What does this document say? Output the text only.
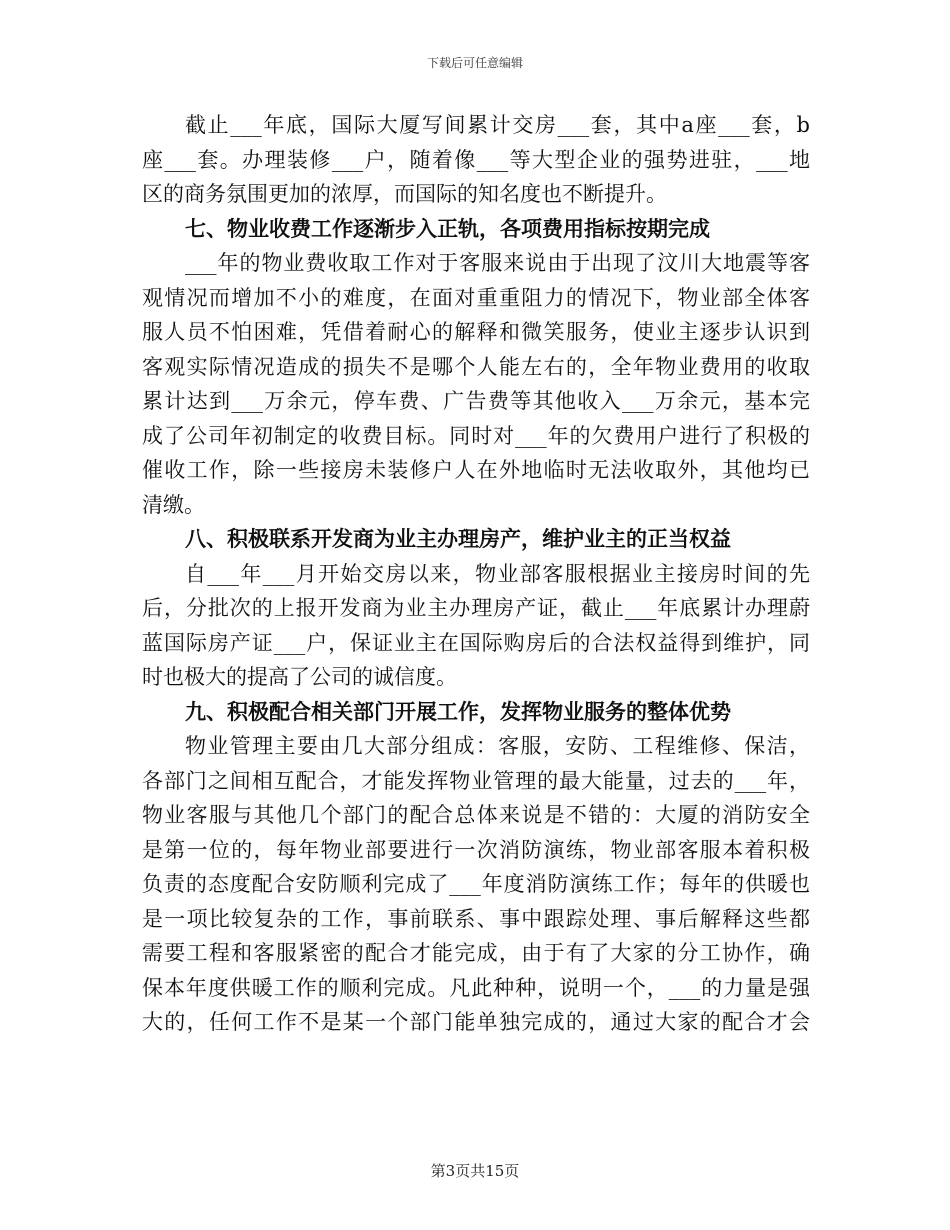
下载后可任意编辑
截止___年底，国际大厦写间累计交房___套，其中a座___套，b
座___套。办理装修___户，随着像___等大型企业的强势进驻，___地
区的商务氛围更加的浓厚，而国际的知名度也不断提升。
七、物业收费工作逐渐步入正轨，各项费用指标按期完成
___年的物业费收取工作对于客服来说由于出现了汶川大地震等客
观情况而增加不小的难度，在面对重重阻力的情况下，物业部全体客
服人员不怕困难，凭借着耐心的解释和微笑服务，使业主逐步认识到
客观实际情况造成的损失不是哪个人能左右的，全年物业费用的收取
累计达到___万余元，停车费、广告费等其他收入___万余元，基本完
成了公司年初制定的收费目标。同时对___年的欠费用户进行了积极的
催收工作，除一些接房未装修户人在外地临时无法收取外，其他均已
清缴。
八、积极联系开发商为业主办理房产，维护业主的正当权益
自___年___月开始交房以来，物业部客服根据业主接房时间的先
后，分批次的上报开发商为业主办理房产证，截止___年底累计办理蔚
蓝国际房产证___户，保证业主在国际购房后的合法权益得到维护，同
时也极大的提高了公司的诚信度。
九、积极配合相关部门开展工作，发挥物业服务的整体优势
物业管理主要由几大部分组成：客服，安防、工程维修、保洁，
各部门之间相互配合，才能发挥物业管理的最大能量，过去的___年，
物业客服与其他几个部门的配合总体来说是不错的：大厦的消防安全
是第一位的，每年物业部要进行一次消防演练，物业部客服本着积极
负责的态度配合安防顺利完成了___年度消防演练工作；每年的供暖也
是一项比较复杂的工作，事前联系、事中跟踪处理、事后解释这些都
需要工程和客服紧密的配合才能完成，由于有了大家的分工协作，确
保本年度供暖工作的顺利完成。凡此种种，说明一个，___的力量是强
大的，任何工作不是某一个部门能单独完成的，通过大家的配合才会
第3页共15页
